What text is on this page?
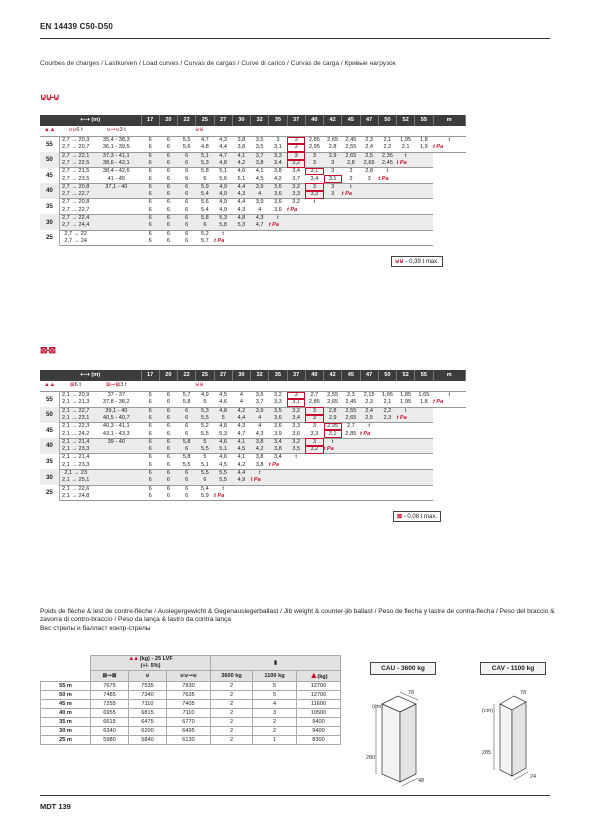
EN 14439 C50-D50
Courbes de charges / Lastkurven / Load curves / Curvas de cargas / Curve di carico / Curvas de carga / Кривые нагрузок
⊍⊍-⊍
⇠⇢ (m)			17	20	22	25	27	30	32	35	37	40	42	45	47	50	52	55	m
▲▲	⊍⊍6 t	⊍⊸⊍3 t	⊍⊍																
55	2,7 → 20,3	35,4 - 38,3	6	6	5,5	4,7	4,3	3,8	3,5	3	3	2,85	2,65	2,45	2,3	2,1	1,95	1,8	t
	2,7 → 20,7	36,1 - 39,5	6	6	5,6	4,8	4,4	3,8	3,5	3,1	3	2,95	2,8	2,55	2,4	2,2	2,1	1,9	t Pa
50	2,7 → 22,1	37,3 - 41,1	6	6	6	5,1	4,7	4,1	3,7	3,3	3	3	2,9	2,65	2,5	2,35	t		
	2,7 → 22,5	38,6 - 42,1	6	6	6	5,3	4,8	4,2	3,8	3,4	3,2	3	3	2,8	2,65	2,45	t Pa		
45	2,7 → 21,5	38,4 - 42,6	6	6	6	5,8	5,1	4,6	4,1	3,8	3,4	3,1	3	3	2,8	t			
	2,7 → 23,5	41 - 45	6	6	6	6	5,6	5,1	4,5	4,2	3,7	3,4	3,1	3	3	t Pa			
40	2,7 → 20,8	37,1 - 40	6	6	6	5,9	4,9	4,4	3,9	3,6	3,2	3	3	t					
	2,7 → 22,7		6	6	6	5,4	4,9	4,3	4	3,6	3,3	3,3	3	t Pa					
35	2,7 → 20,8		6	6	6	5,6	4,9	4,4	3,9	3,6	3,2	t							
	2,7 → 22,7		6	6	6	5,4	4,9	4,3	4	3,6	t Pa								
30	2,7 → 22,4		6	6	6	5,8	5,3	4,8	4,3	t									
	2,7 → 24,4		6	6	6	6	5,8	5,3	4,7	t Pa									
25	2,7 → 22		6	6	6	5,2	t												
	2,7 → 24		6	6	6	5,7	t Pa												
⊠-⊠
⇠⇢ (m)			17	20	22	25	27	30	32	35	37	40	42	45	47	50	52	55	m
▲▲	⊠6 t	⊠⊸⊠3 t	⊍⊍																
55	2,1 → 20,9	37 - 37	6	6	5,7	4,9	4,5	4	3,6	3,2	3	2,7	2,55	2,3	2,15	1,95	1,85	1,65	t
	2,1 → 21,3	37,8 - 38,2	6	6	5,8	5	4,6	4	3,7	3,3	3,1	2,85	2,65	2,45	2,3	2,1	1,95	1,8	t Pa
50	2,1 → 22,7	39,1 - 40	6	6	6	5,3	4,8	4,2	3,9	3,5	3,2	3	2,8	2,55	2,4	2,2	t		
	2,1 → 23,1	40,5 - 40,7	6	6	6	5,5	5	4,4	4	3,6	3,4	3	2,9	2,65	2,5	2,3	t Pa		
45	2,1 → 22,3	40,3 - 41,1	6	6	6	5,2	4,8	4,3	4	3,6	3,3	3	2,95	2,7	t				
	2,1 → 24,2	43,1 - 43,3	6	6	6	5,5	5,3	4,7	4,3	3,9	3,6	3,3	3,1	2,85	t Pa				
40	2,1 → 21,4	39 - 40	6	6	5,8	5	4,6	4,1	3,8	3,4	3,2	3	t						
	2,1 → 23,3		6	6	6	5,5	5,1	4,5	4,2	3,8	3,5	3,2	t Pa						
35	2,1 → 21,4		6	6	5,8	5	4,6	4,1	3,8	3,4	t								
	2,1 → 23,3		6	6	5,5	5,1	4,5	4,2	3,8	t Pa									
30	2,1 → 23		6	6	6	5,5	5,5	4,4	t										
	2,1 → 25,1		6	6	6	6	5,5	4,9	t Pa										
25	2,1 → 22,6		6	6	6	5,4	t												
	2,1 → 24,8		6	6	6	5,9	t Pa												
⊍⊍ - 0,39 t max.
⊠ - 0,08 t max.
Poids de flèche & lest de contre-flèche / Auslegergewicht & Gegenauslegerballast / Jib weight & counter-jib ballast / Peso de flecha y lastre de contra-flecha / Peso del braccio & zavorra di contro-braccio / Peso da lança & lastro da contra lança
Вес стрелы и балласт контр-стрелы
	▲▲ (kg) - 25 LVF
(+/- 5%)			▮		
	⊠⊸⊠	⊍	⊍⊍⊸⊍	3600 kg	1100 kg	▲(kg)
55 m	7675	7535	7830	2	5	12700
50 m	7485	7340	7635	2	5	12700
45 m	7255	7110	7405	2	4	11600
40 m	6955	6815	7110	2	3	10500
35 m	6615	6475	6770	2	2	9400
30 m	6340	6200	6495	2	2	9400
25 m	5980	5840	6130	2	1	8300
CAU - 3600 kg	CAV - 1100 kg
(cm)
78
280
48
(cm)
78
285
24
MDT 139
